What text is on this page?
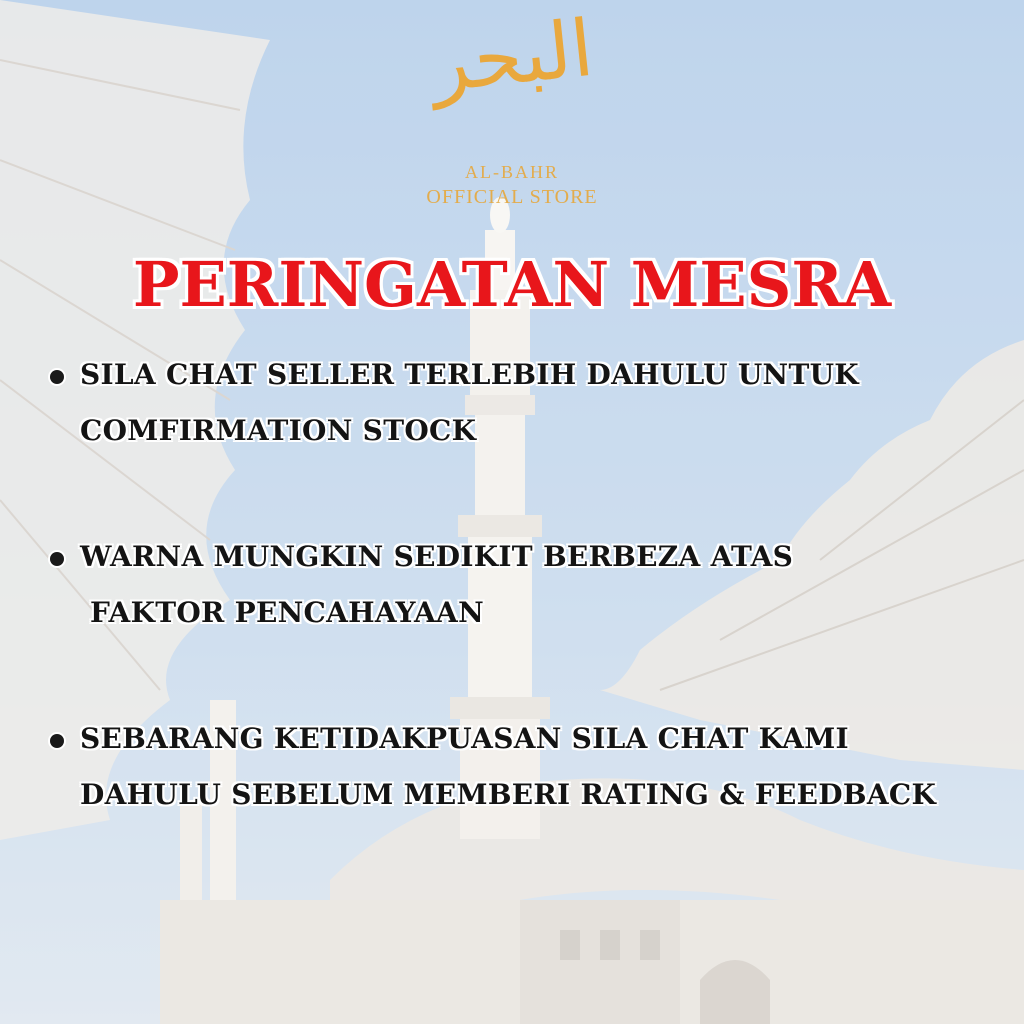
البحر
AL-BAHR
OFFICIAL STORE
PERINGATAN MESRA
SILA CHAT SELLER TERLEBIH DAHULU UNTUK
COMFIRMATION STOCK
WARNA MUNGKIN SEDIKIT BERBEZA ATAS
FAKTOR PENCAHAYAAN
SEBARANG KETIDAKPUASAN SILA CHAT KAMI
DAHULU SEBELUM MEMBERI RATING & FEEDBACK
